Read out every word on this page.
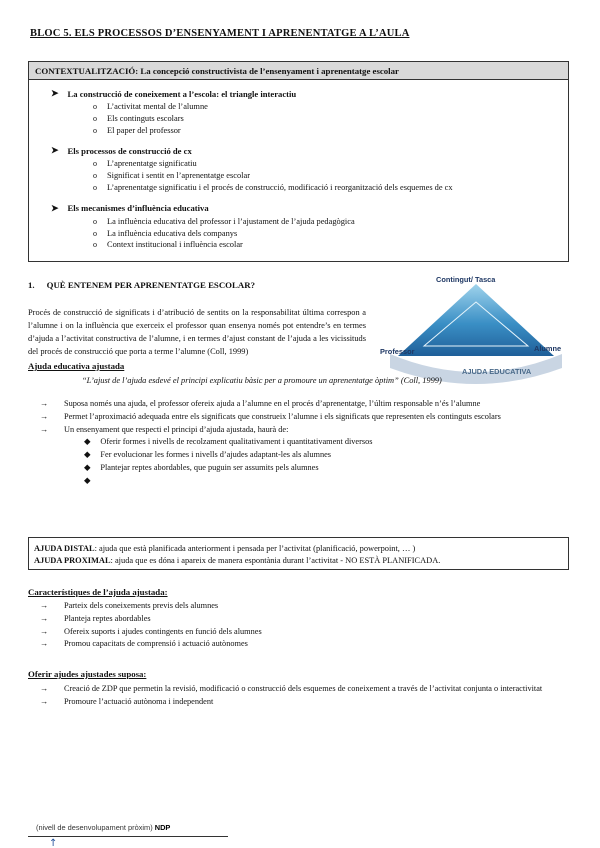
BLOC 5. ELS PROCESSOS D’ENSENYAMENT I APRENENTATGE A L’AULA
CONTEXTUALITZACIÓ: La concepció constructivista de l’ensenyament i aprenentatge escolar
➤ La construcció de coneixement a l’escola: el triangle interactiu
o L’activitat mental de l’alumne
o Els continguts escolars
o El paper del professor
➤ Els processos de construcció de cx
o L’aprenentatge significatiu
o Significat i sentit en l’aprenentatge escolar
o L’aprenentatge significatiu i el procés de construcció, modificació i reorganització dels esquemes de cx
➤ Els mecanismes d’influència educativa
o La influència educativa del professor i l’ajustament de l’ajuda pedagògica
o La influència educativa dels companys
o Context institucional i influència escolar
1. QUÈ ENTENEM PER APRENENTATGE ESCOLAR?
Procés de construcció de significats i d’atribució de sentits on la responsabilitat última correspon a l’alumne i on la influència que exerceix el professor quan ensenya només pot entendre’s en termes d’ajuda a l’activitat constructiva de l’alumne, i en termes d’ajust constant de l’ajuda a les vicissituds del procés de construcció que porta a terme l’alumne (Coll, 1999)
Contingut/ Tasca
Professor	Alumne
AJUDA EDUCATIVA
Ajuda educativa ajustada
“L’ajust de l’ajuda esdevé el principi explicatiu bàsic per a promoure un aprenentatge òptim” (Coll, 1999)
→	Suposa només una ajuda, el professor ofereix ajuda a l’alumne en el procés d’aprenentatge, l’últim responsable n’és l’alumne
→	Permet l’aproximació adequada entre els significats que construeix l’alumne i els significats que representen els continguts escolars
→	Un ensenyament que respecti el principi d’ajuda ajustada, haurà de:
◆ Oferir formes i nivells de recolzament qualitativament i quantitativament diversos
◆ Fer evolucionar les formes i nivells d’ajudes adaptant-les als alumnes
◆ Plantejar reptes abordables, que puguin ser assumits pels alumnes
◆
AJUDA DISTAL: ajuda que està planificada anteriorment i pensada per l’activitat (planificació, powerpoint, … )
AJUDA PROXIMAL: ajuda que es dóna i apareix de manera espontània durant l’activitat - NO ESTÀ PLANIFICADA.
Característiques de l’ajuda ajustada:
→	Parteix dels coneixements previs dels alumnes
→	Planteja reptes abordables
→	Ofereix suports i ajudes contingents en funció dels alumnes
→	Promou capacitats de comprensió i actuació autònomes
Oferir ajudes ajustades suposa:
→	Creació de ZDP que permetin la revisió, modificació o construcció dels esquemes de coneixement a través de l’activitat conjunta o interactivitat
→	Promoure l’actuació autònoma i independent
(nivell de desenvolupament pròxim) NDP
↑
